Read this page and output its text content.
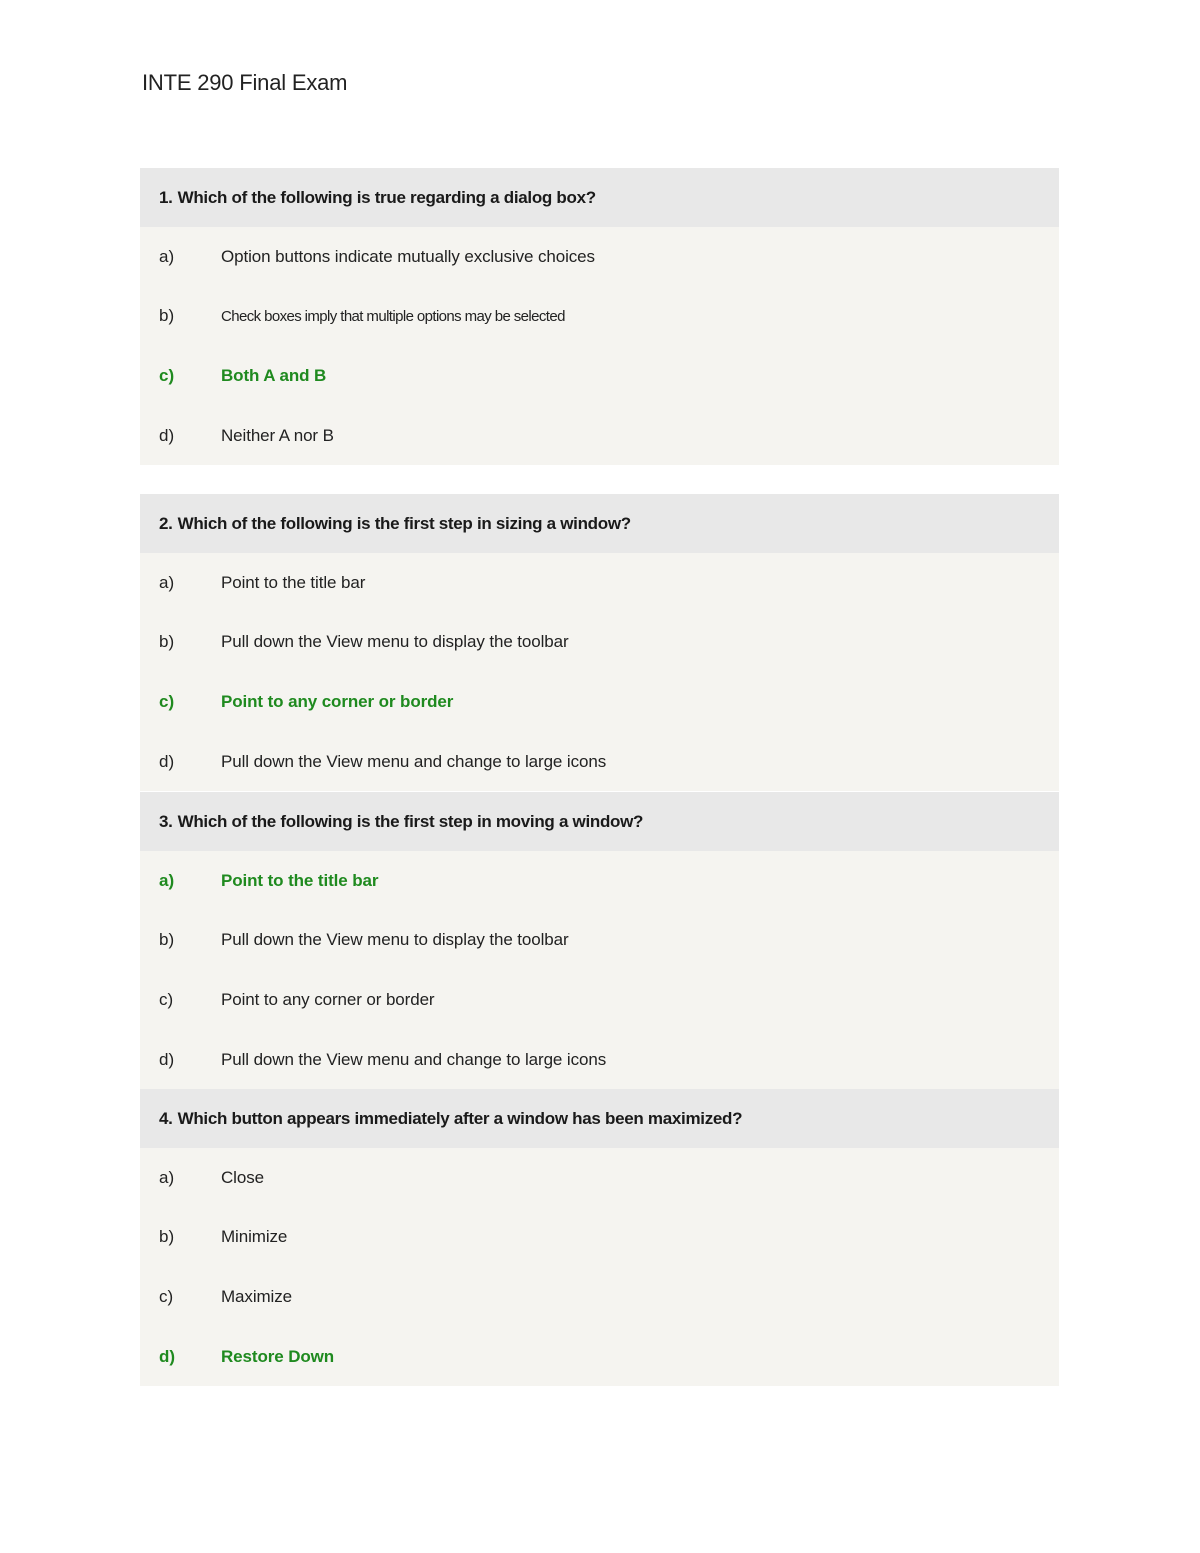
INTE 290 Final Exam
1. Which of the following is true regarding a dialog box?
a)	Option buttons indicate mutually exclusive choices
b)	Check boxes imply that multiple options may be selected
c)	Both A and B
d)	Neither A nor B
2. Which of the following is the first step in sizing a window?
a)	Point to the title bar
b)	Pull down the View menu to display the toolbar
c)	Point to any corner or border
d)	Pull down the View menu and change to large icons
3. Which of the following is the first step in moving a window?
a)	Point to the title bar
b)	Pull down the View menu to display the toolbar
c)	Point to any corner or border
d)	Pull down the View menu and change to large icons
4. Which button appears immediately after a window has been maximized?
a)	Close
b)	Minimize
c)	Maximize
d)	Restore Down
